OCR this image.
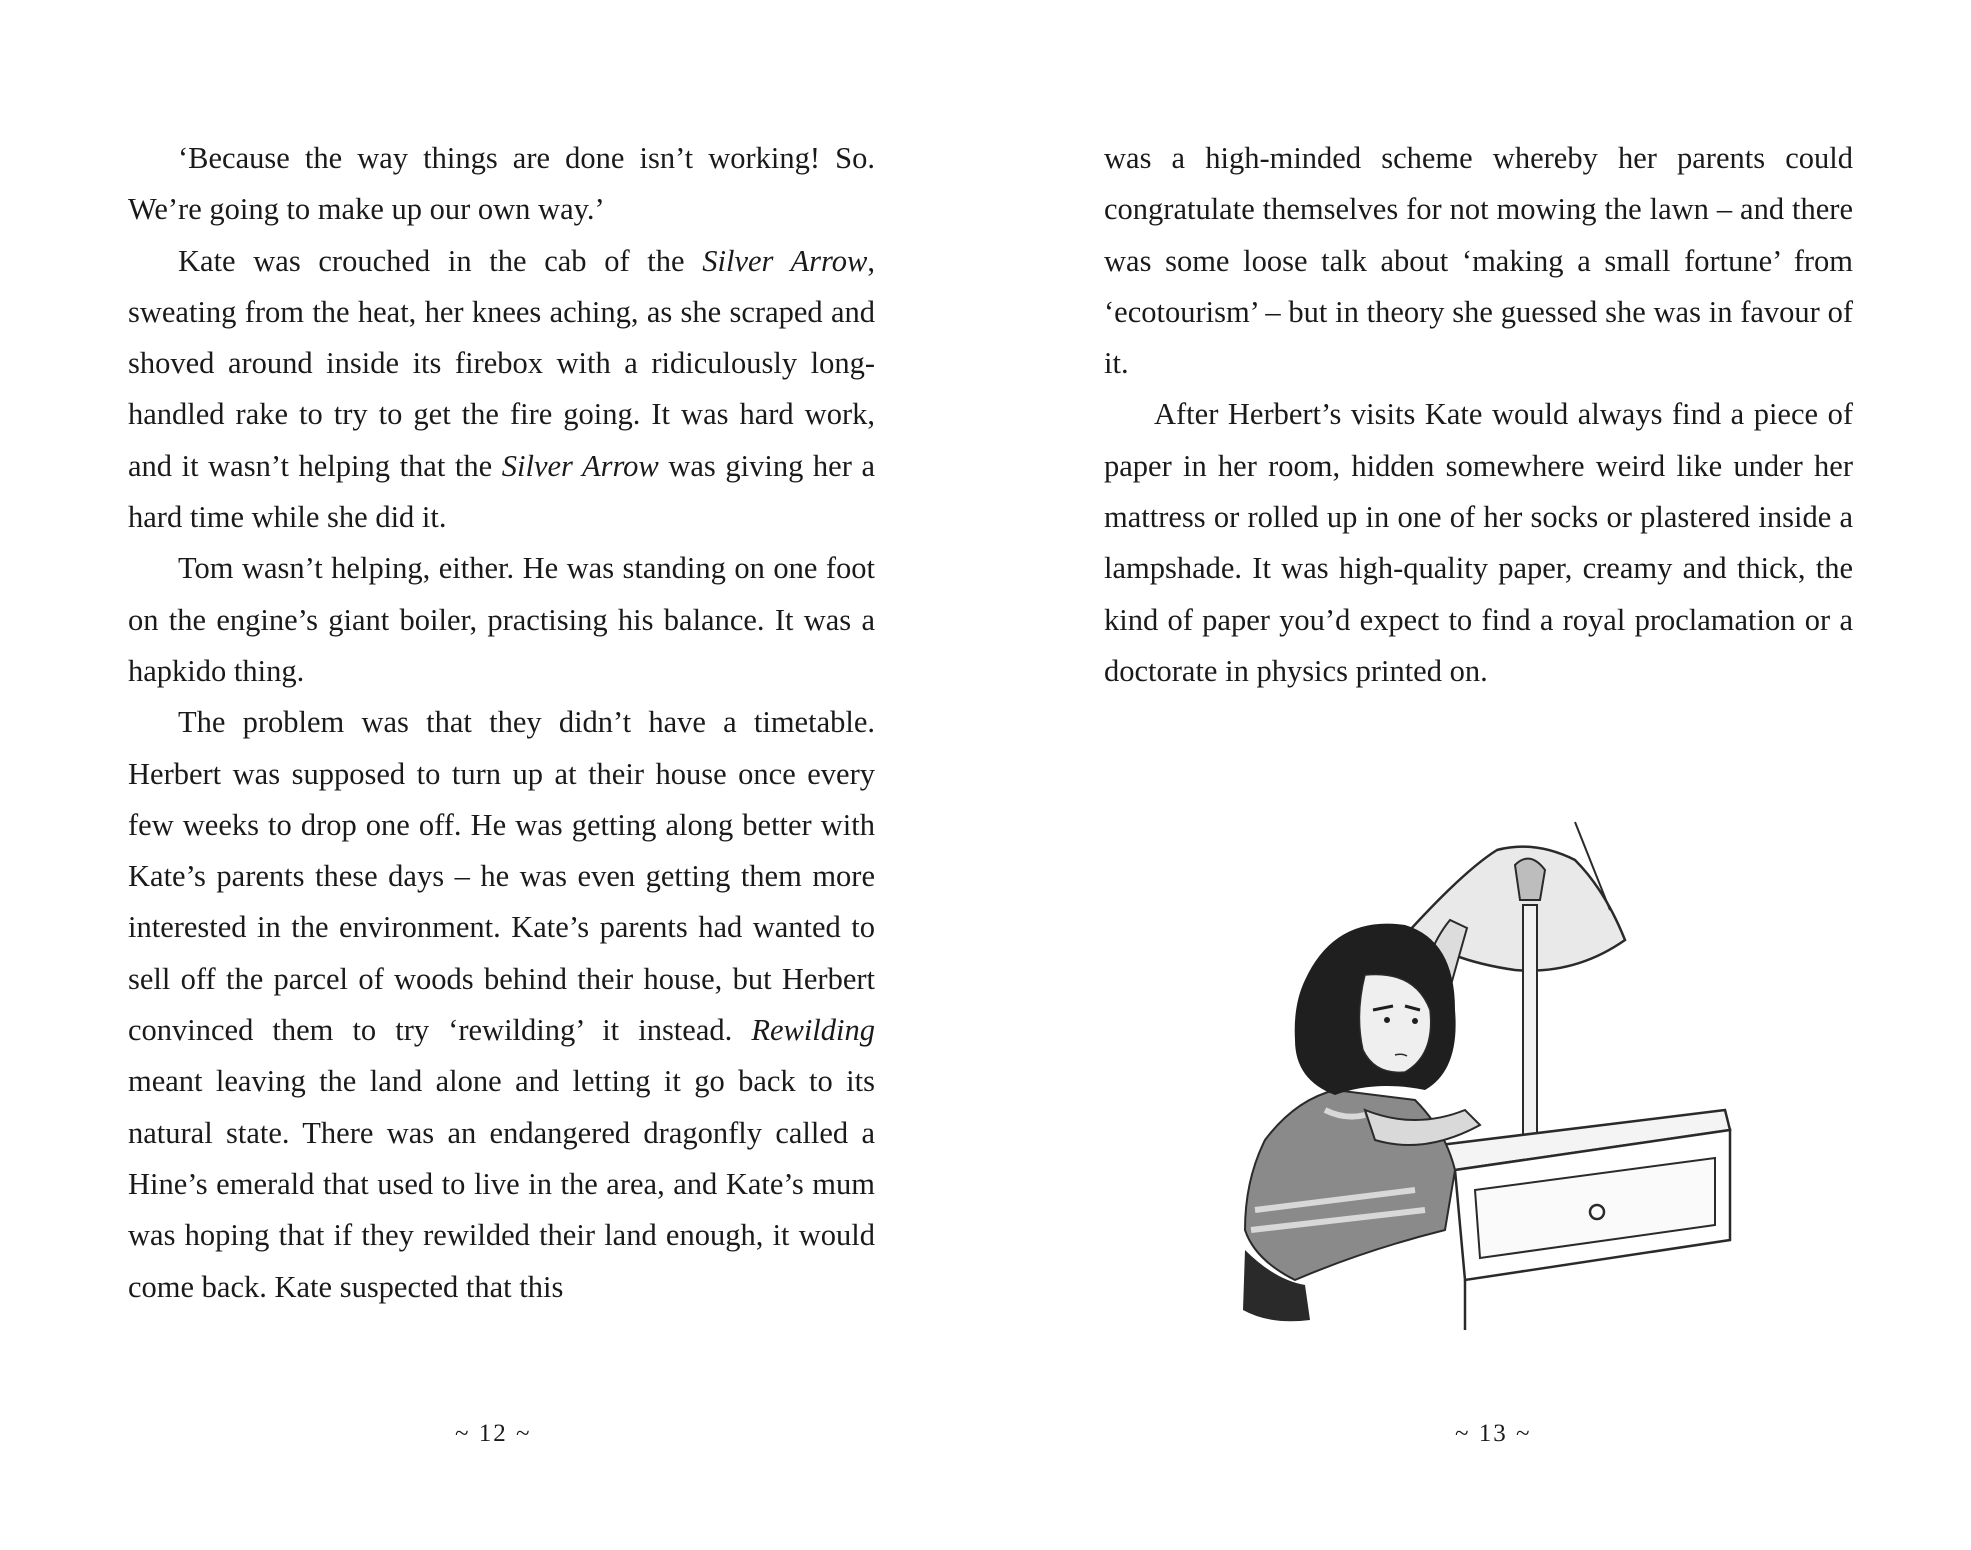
‘Because the way things are done isn’t working! So. We’re going to make up our own way.’

Kate was crouched in the cab of the Silver Arrow, sweating from the heat, her knees aching, as she scraped and shoved around inside its firebox with a ridiculously long-handled rake to try to get the fire going. It was hard work, and it wasn’t helping that the Silver Arrow was giving her a hard time while she did it.

Tom wasn’t helping, either. He was standing on one foot on the engine’s giant boiler, practising his balance. It was a hapkido thing.

The problem was that they didn’t have a timetable. Herbert was supposed to turn up at their house once every few weeks to drop one off. He was getting along better with Kate’s parents these days – he was even getting them more interested in the environment. Kate’s parents had wanted to sell off the parcel of woods behind their house, but Herbert convinced them to try ‘rewilding’ it instead. Rewilding meant leaving the land alone and letting it go back to its natural state. There was an endangered dragonfly called a Hine’s emerald that used to live in the area, and Kate’s mum was hoping that if they rewilded their land enough, it would come back. Kate suspected that this

~ 12 ~

was a high-minded scheme whereby her parents could congratulate themselves for not mowing the lawn – and there was some loose talk about ‘making a small fortune’ from ‘ecotourism’ – but in theory she guessed she was in favour of it.

After Herbert’s visits Kate would always find a piece of paper in her room, hidden somewhere weird like under her mattress or rolled up in one of her socks or plastered inside a lampshade. It was high-quality paper, creamy and thick, the kind of paper you’d expect to find a royal proclamation or a doctorate in physics printed on.

~ 13 ~
